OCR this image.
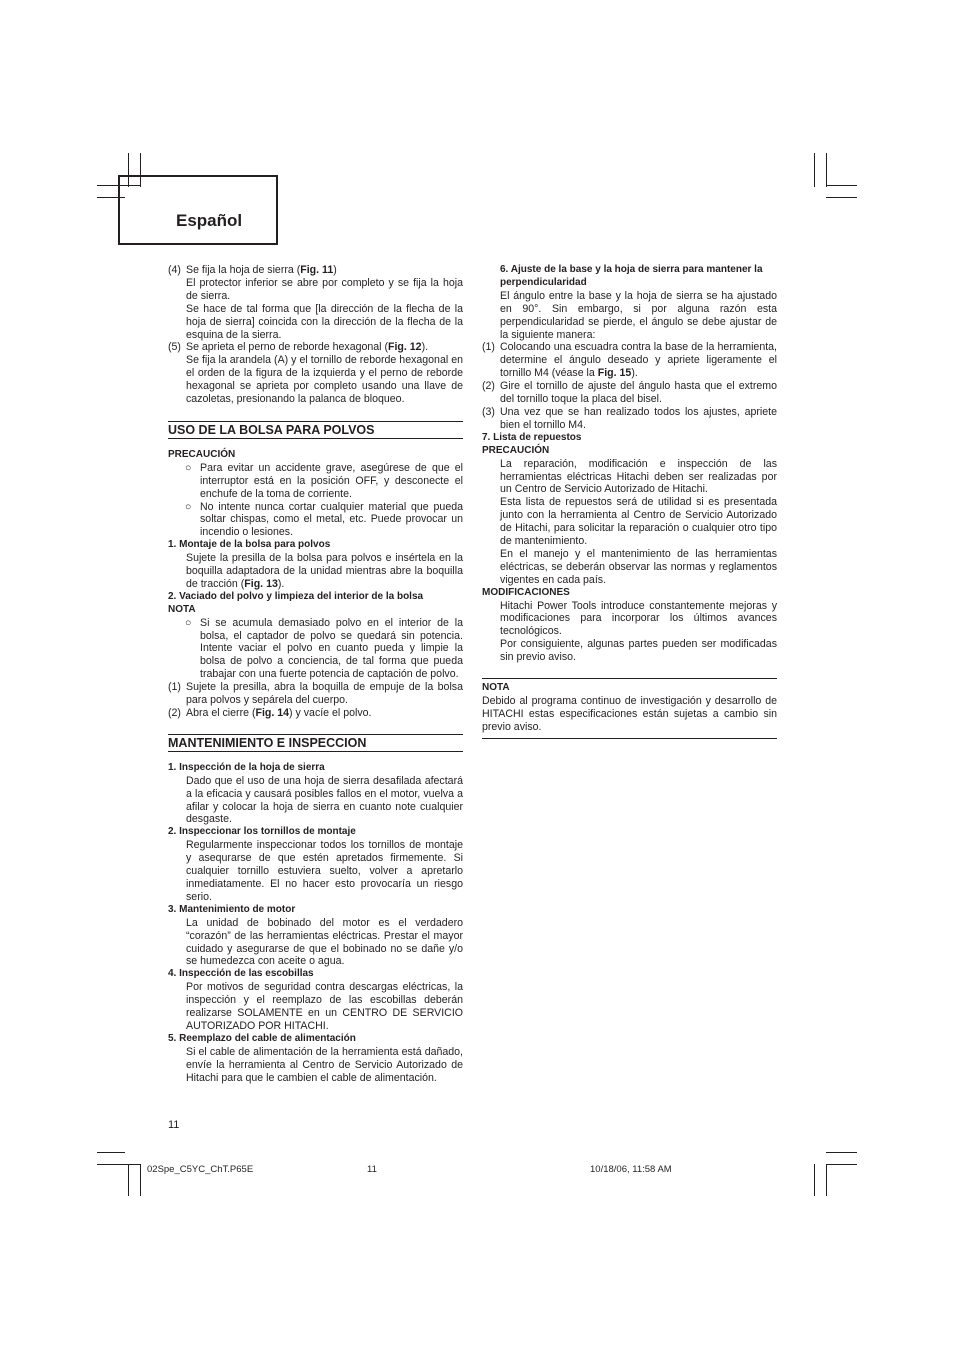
Español
(4) Se fija la hoja de sierra (Fig. 11)

El protector inferior se abre por completo y se fija la hoja de sierra.

Se hace de tal forma que [la dirección de la flecha de la hoja de sierra] coincida con la dirección de la flecha de la esquina de la sierra.

(5) Se aprieta el perno de reborde hexagonal (Fig. 12).

Se fija la arandela (A) y el tornillo de reborde hexagonal en el orden de la figura de la izquierda y el perno de reborde hexagonal se aprieta por completo usando una llave de cazoletas, presionando la palanca de bloqueo.

USO DE LA BOLSA PARA POLVOS
PRECAUCIÓN
○ Para evitar un accidente grave, asegúrese de que el interruptor está en la posición OFF, y desconecte el enchufe de la toma de corriente.
○ No intente nunca cortar cualquier material que pueda soltar chispas, como el metal, etc. Puede provocar un incendio o lesiones.
1. Montaje de la bolsa para polvos

Sujete la presilla de la bolsa para polvos e insértela en la boquilla adaptadora de la unidad mientras abre la boquilla de tracción (Fig. 13).

2. Vaciado del polvo y limpieza del interior de la bolsa
NOTA
○ Si se acumula demasiado polvo en el interior de la bolsa, el captador de polvo se quedará sin potencia. Intente vaciar el polvo en cuanto pueda y limpie la bolsa de polvo a conciencia, de tal forma que pueda trabajar con una fuerte potencia de captación de polvo.
(1) Sujete la presilla, abra la boquilla de empuje de la bolsa para polvos y sepárela del cuerpo.
(2) Abra el cierre (Fig. 14) y vacíe el polvo.
MANTENIMIENTO E INSPECCION
1. Inspección de la hoja de sierra

Dado que el uso de una hoja de sierra desafilada afectará a la eficacia y causará posibles fallos en el motor, vuelva a afilar y colocar la hoja de sierra en cuanto note cualquier desgaste.

2. Inspeccionar los tornillos de montaje

Regularmente inspeccionar todos los tornillos de montaje y asequrarse de que estén apretados firmemente. Si cualquier tornillo estuviera suelto, volver a apretarlo inmediatamente. El no hacer esto provocaría un riesgo serio.

3. Mantenimiento de motor

La unidad de bobinado del motor es el verdadero “corazón” de las herramientas eléctricas. Prestar el mayor cuidado y asegurarse de que el bobinado no se dañe y/o se humedezca con aceite o agua.

4. Inspección de las escobillas

Por motivos de seguridad contra descargas eléctricas, la inspección y el reemplazo de las escobillas deberán realizarse SOLAMENTE en un CENTRO DE SERVICIO AUTORIZADO POR HITACHI.

5. Reemplazo del cable de alimentación

Si el cable de alimentación de la herramienta está dañado, envíe la herramienta al Centro de Servicio Autorizado de Hitachi para que le cambien el cable de alimentación.

11
6. Ajuste de la base y la hoja de sierra para mantener la perpendicularidad

El ángulo entre la base y la hoja de sierra se ha ajustado en 90°. Sin embargo, si por alguna razón esta perpendicularidad se pierde, el ángulo se debe ajustar de la siguiente manera:

(1) Colocando una escuadra contra la base de la herramienta, determine el ángulo deseado y apriete ligeramente el tornillo M4 (véase la Fig. 15).
(2) Gire el tornillo de ajuste del ángulo hasta que el extremo del tornillo toque la placa del bisel.
(3) Una vez que se han realizado todos los ajustes, apriete bien el tornillo M4.
7. Lista de repuestos
PRECAUCIÓN

La reparación, modificación e inspección de las herramientas eléctricas Hitachi deben ser realizadas por un Centro de Servicio Autorizado de Hitachi.

Esta lista de repuestos será de utilidad si es presentada junto con la herramienta al Centro de Servicio Autorizado de Hitachi, para solicitar la reparación o cualquier otro tipo de mantenimiento.

En el manejo y el mantenimiento de las herramientas eléctricas, se deberán observar las normas y reglamentos vigentes en cada país.

MODIFICACIONES

Hitachi Power Tools introduce constantemente mejoras y modificaciones para incorporar los últimos avances tecnológicos.

Por consiguiente, algunas partes pueden ser modificadas sin previo aviso.

NOTA

Debido al programa continuo de investigación y desarrollo de HITACHI estas especificaciones están sujetas a cambio sin previo aviso.

02Spe_C5YC_ChT.P65E	11	10/18/06, 11:58 AM
